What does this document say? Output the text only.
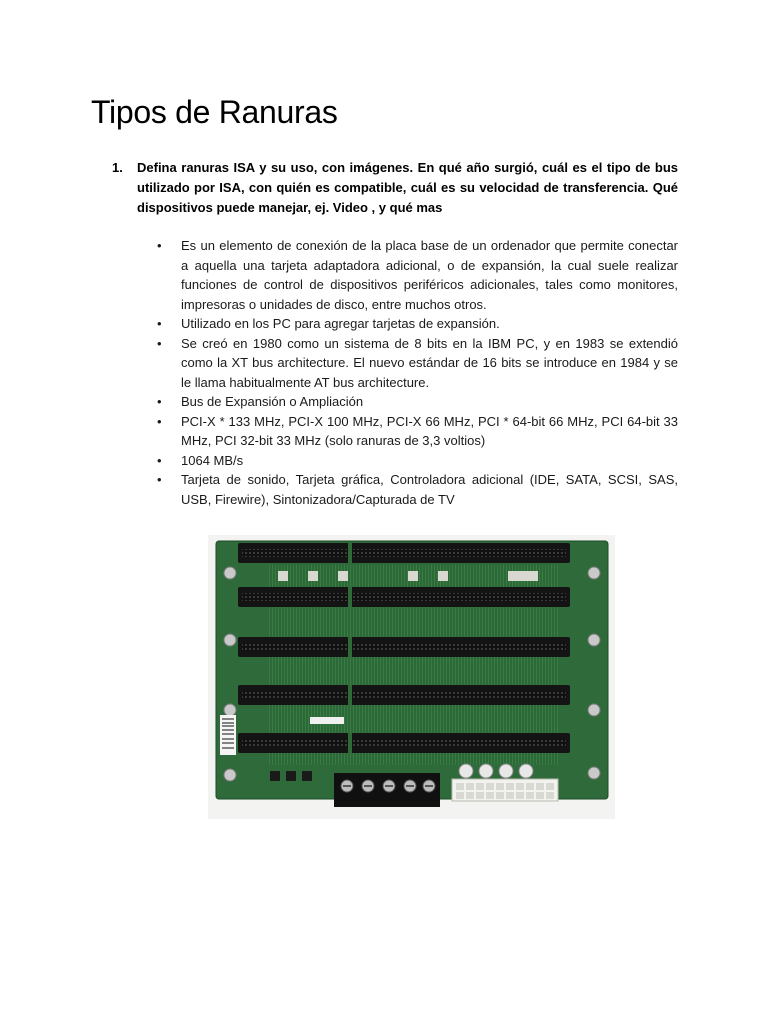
Tipos de Ranuras
1.	Defina ranuras ISA y su uso, con imágenes. En qué año surgió, cuál es el tipo de bus utilizado por ISA, con quién es compatible, cuál es su velocidad de transferencia. Qué dispositivos puede manejar, ej. Video , y qué mas
•	Es un elemento de conexión de la placa base de un ordenador que permite conectar a aquella una tarjeta adaptadora adicional, o de expansión, la cual suele realizar funciones de control de dispositivos periféricos adicionales, tales como monitores, impresoras o unidades de disco, entre muchos otros.
•	Utilizado en los PC para agregar tarjetas de expansión.
•	Se creó en 1980 como un sistema de 8 bits en la IBM PC, y en 1983 se extendió como la XT bus architecture. El nuevo estándar de 16 bits se introduce en 1984 y se le llama habitualmente AT bus architecture.
•	Bus de Expansión o Ampliación
•	PCI-X * 133 MHz, PCI-X 100 MHz, PCI-X 66 MHz, PCI * 64-bit 66 MHz, PCI 64-bit 33 MHz, PCI 32-bit 33 MHz (solo ranuras de 3,3 voltios)
•	1064 MB/s
•	Tarjeta de sonido, Tarjeta gráfica, Controladora adicional (IDE, SATA, SCSI, SAS, USB, Firewire), Sintonizadora/Capturada de TV
